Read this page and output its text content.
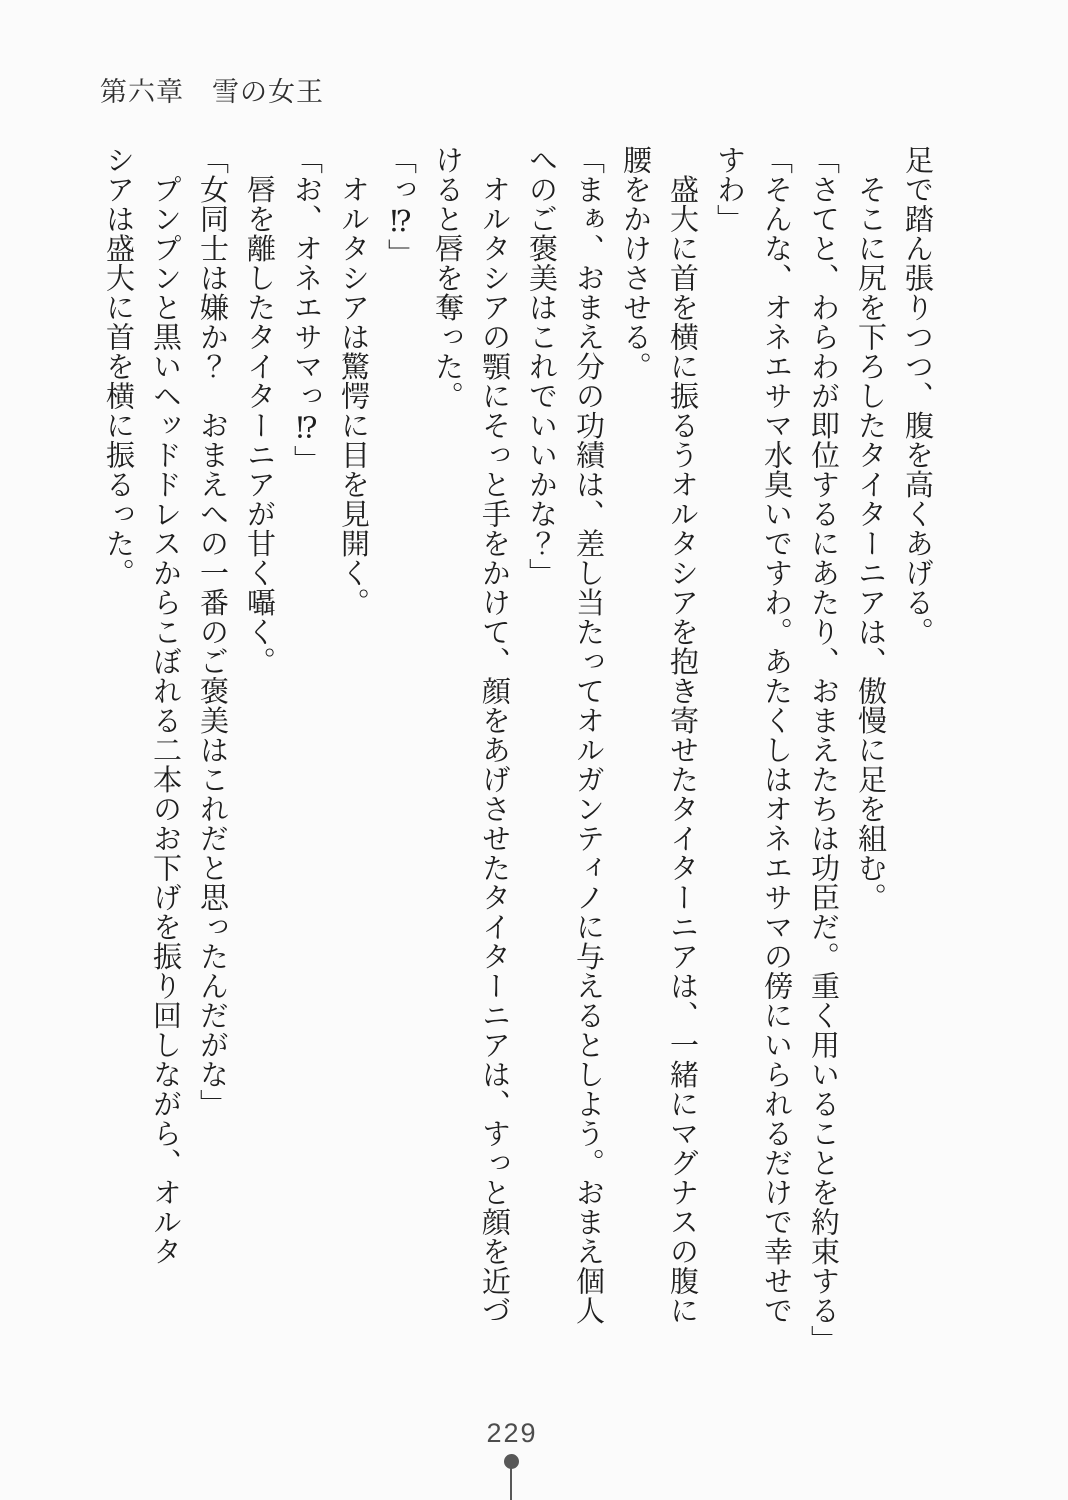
第六章　雪の女王

足で踏ん張りつつ、腹を高くあげる。

　そこに尻を下ろしたタイターニアは、傲慢に足を組む。

「さてと、わらわが即位するにあたり、おまえたちは功臣だ。重く用いることを約束する」

「そんな、オネエサマ水臭いですわ。あたくしはオネエサマの傍にいられるだけで幸せで

すわ」

　盛大に首を横に振るうオルタシアを抱き寄せたタイターニアは、一緒にマグナスの腹に

腰をかけさせる。

「まぁ、おまえ分の功績は、差し当たってオルガンティノに与えるとしよう。おまえ個人

へのご褒美はこれでいいかな？」

　オルタシアの顎にそっと手をかけて、顔をあげさせたタイターニアは、すっと顔を近づ

けると唇を奪った。

「っ⁉」

　オルタシアは驚愕に目を見開く。

「お、オネエサマっ⁉」

　唇を離したタイターニアが甘く囁く。

「女同士は嫌か？　おまえへの一番のご褒美はこれだと思ったんだがな」

　プンプンと黒いヘッドドレスからこぼれる二本のお下げを振り回しながら、オルタ

シアは盛大に首を横に振るった。

229
